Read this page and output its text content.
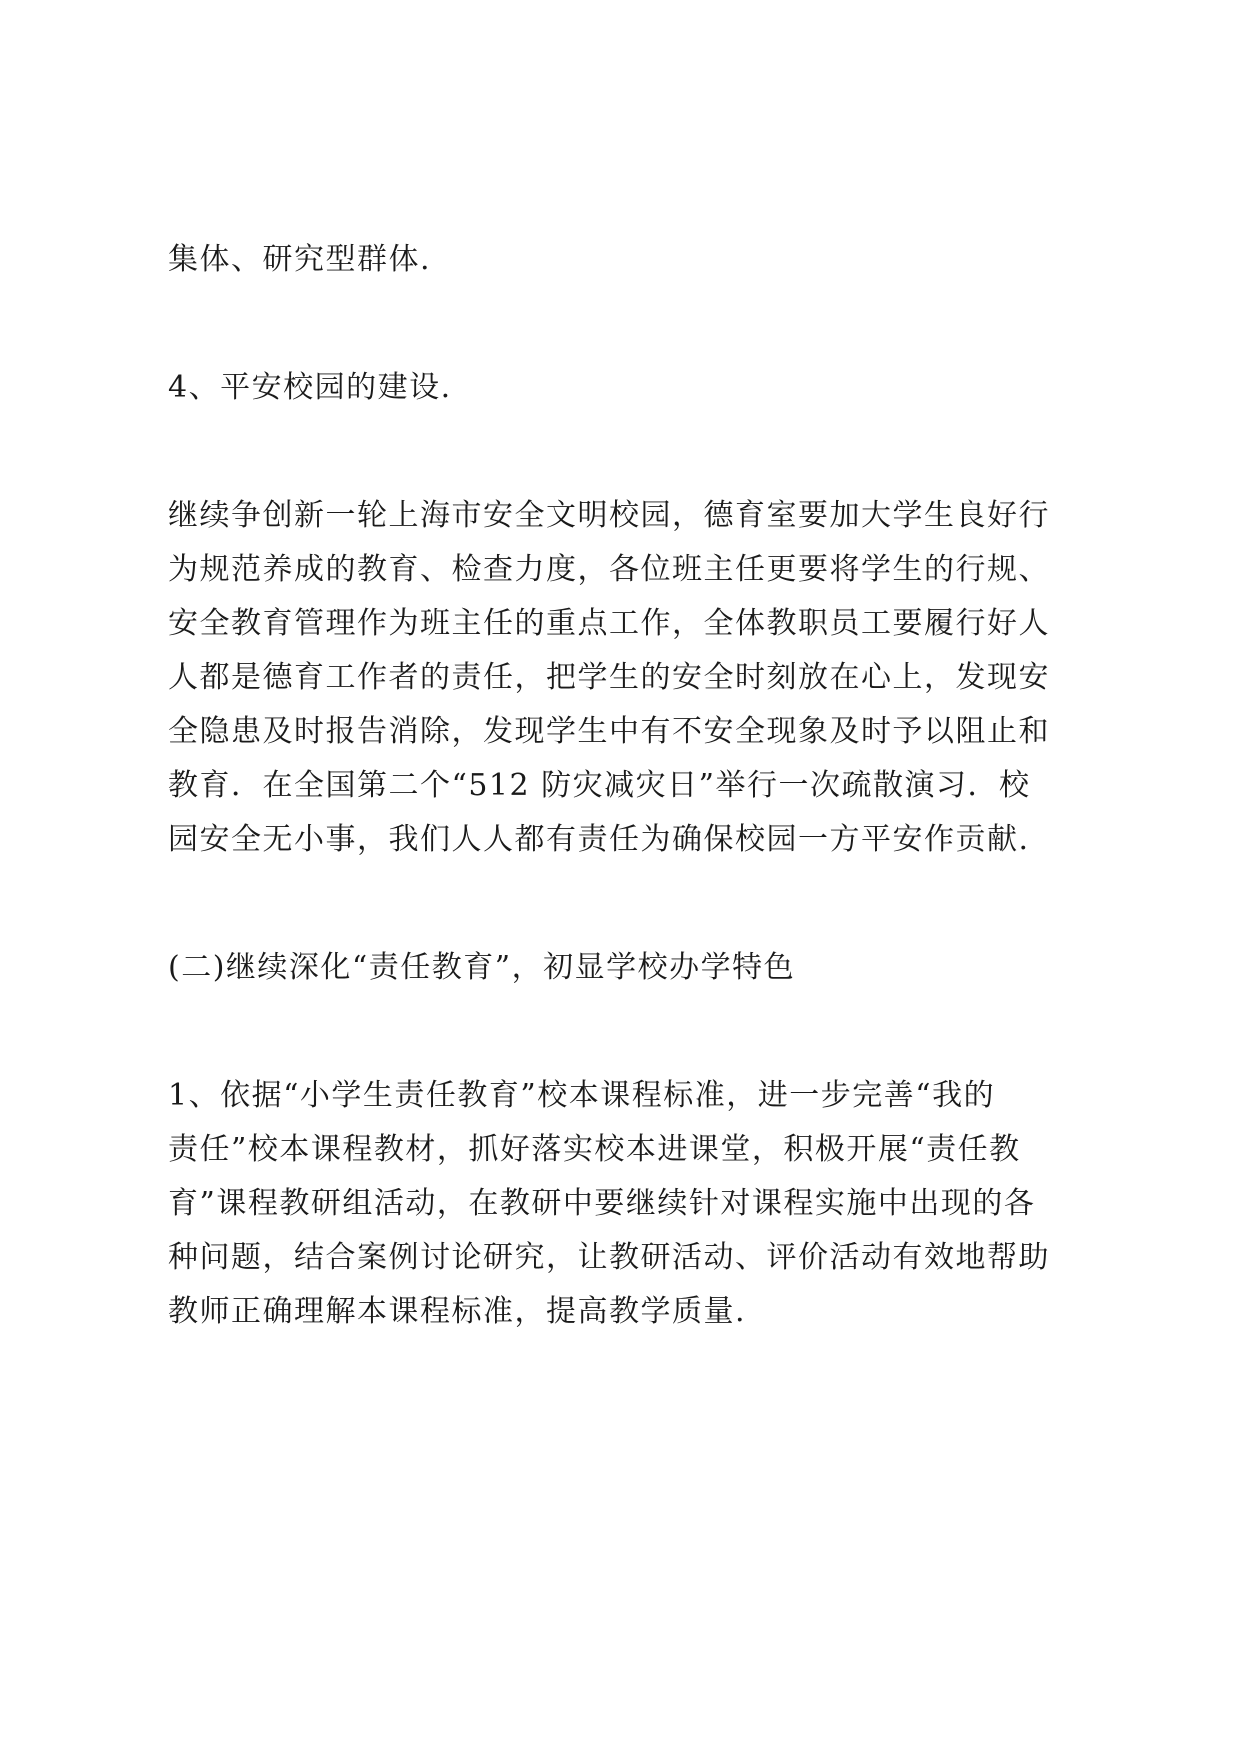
集体、研究型群体.

4、平安校园的建设.

继续争创新一轮上海市安全文明校园，德育室要加大学生良好行
为规范养成的教育、检查力度，各位班主任更要将学生的行规、
安全教育管理作为班主任的重点工作，全体教职员工要履行好人
人都是德育工作者的责任，把学生的安全时刻放在心上，发现安
全隐患及时报告消除，发现学生中有不安全现象及时予以阻止和
教育．在全国第二个“512 防灾减灾日”举行一次疏散演习．校
园安全无小事，我们人人都有责任为确保校园一方平安作贡献.

(二)继续深化“责任教育”，初显学校办学特色

1、依据“小学生责任教育”校本课程标准，进一步完善“我的
责任”校本课程教材，抓好落实校本进课堂，积极开展“责任教
育”课程教研组活动，在教研中要继续针对课程实施中出现的各
种问题，结合案例讨论研究，让教研活动、评价活动有效地帮助
教师正确理解本课程标准，提高教学质量.
